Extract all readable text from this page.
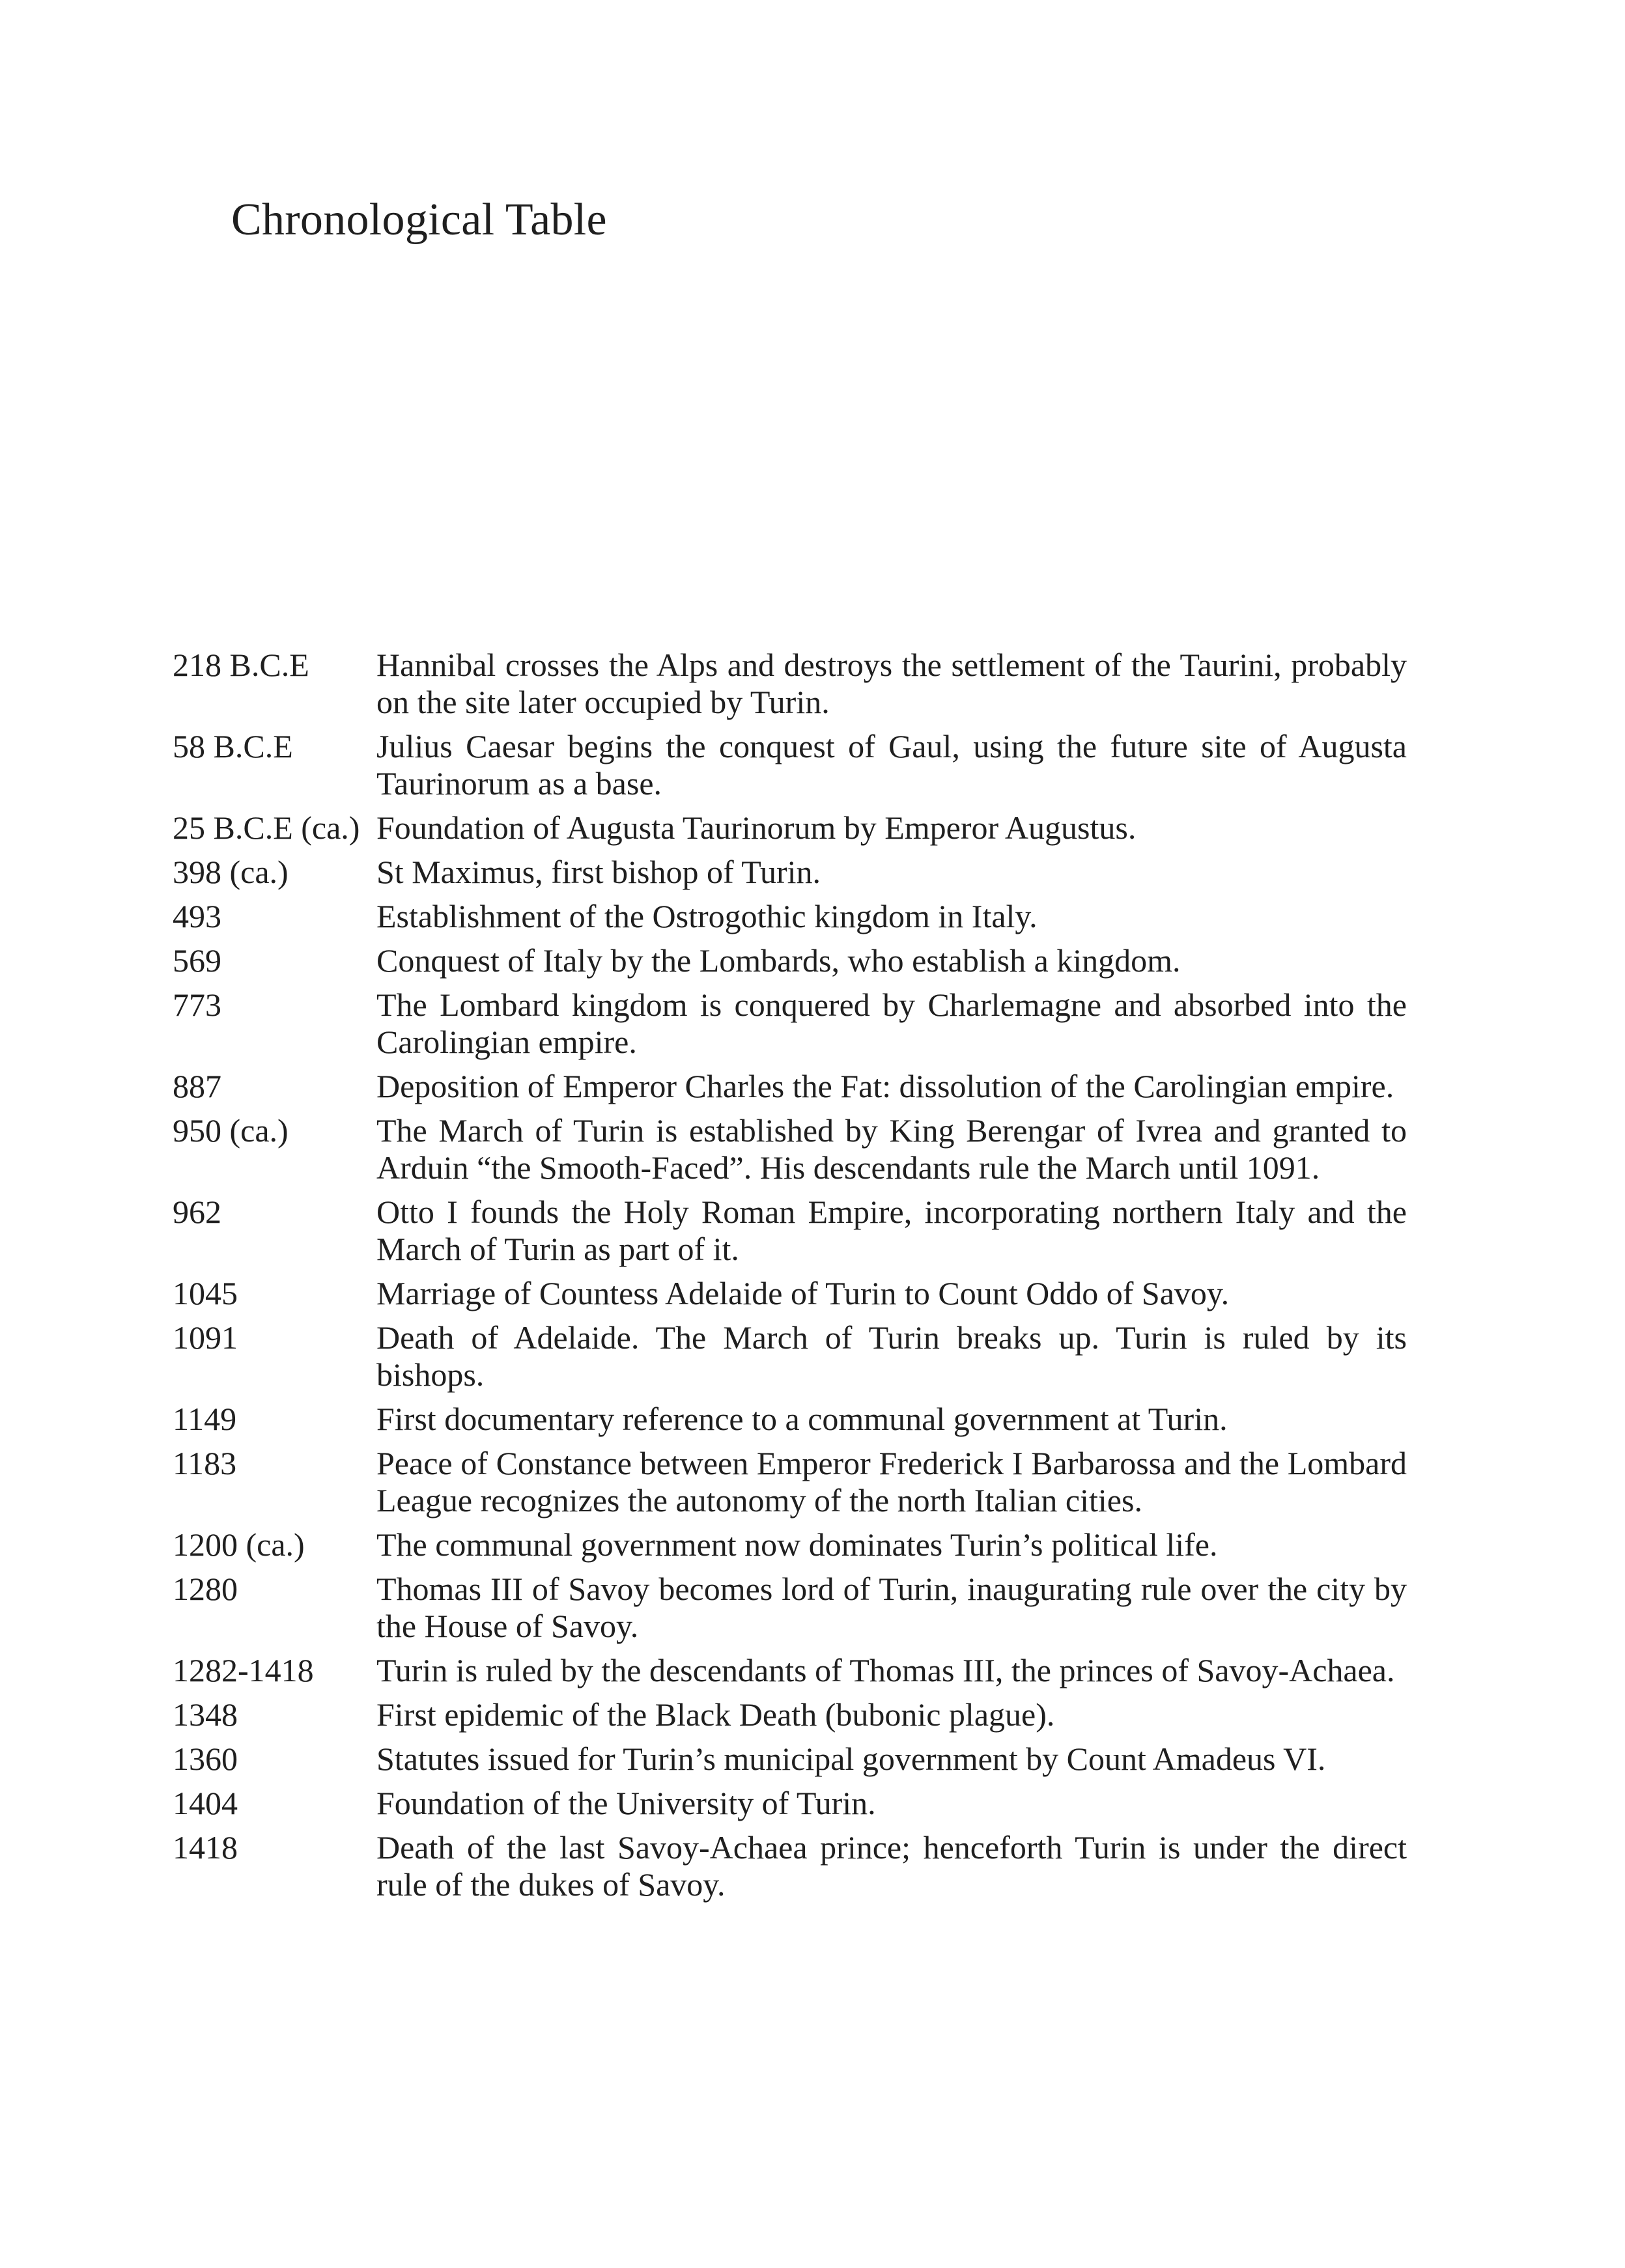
Chronological Table
218 B.C.E	Hannibal crosses the Alps and destroys the settlement of the Taurini, probably on the site later occupied by Turin.
58 B.C.E	Julius Caesar begins the conquest of Gaul, using the future site of Augusta Taurinorum as a base.
25 B.C.E (ca.) Foundation of Augusta Taurinorum by Emperor Augustus.
398 (ca.)	St Maximus, first bishop of Turin.
493	Establishment of the Ostrogothic kingdom in Italy.
569	Conquest of Italy by the Lombards, who establish a kingdom.
773	The Lombard kingdom is conquered by Charlemagne and absorbed into the Carolingian empire.
887	Deposition of Emperor Charles the Fat: dissolution of the Carolingian empire.
950 (ca.)	The March of Turin is established by King Berengar of Ivrea and granted to Arduin “the Smooth-Faced”. His descendants rule the March until 1091.
962	Otto I founds the Holy Roman Empire, incorporating northern Italy and the March of Turin as part of it.
1045	Marriage of Countess Adelaide of Turin to Count Oddo of Savoy.
1091	Death of Adelaide. The March of Turin breaks up. Turin is ruled by its bishops.
1149	First documentary reference to a communal government at Turin.
1183	Peace of Constance between Emperor Frederick I Barbarossa and the Lombard League recognizes the autonomy of the north Italian cities.
1200 (ca.)	The communal government now dominates Turin’s political life.
1280	Thomas III of Savoy becomes lord of Turin, inaugurating rule over the city by the House of Savoy.
1282-1418	Turin is ruled by the descendants of Thomas III, the princes of Savoy-Achaea.
1348	First epidemic of the Black Death (bubonic plague).
1360	Statutes issued for Turin’s municipal government by Count Amadeus VI.
1404	Foundation of the University of Turin.
1418	Death of the last Savoy-Achaea prince; henceforth Turin is under the direct rule of the dukes of Savoy.
